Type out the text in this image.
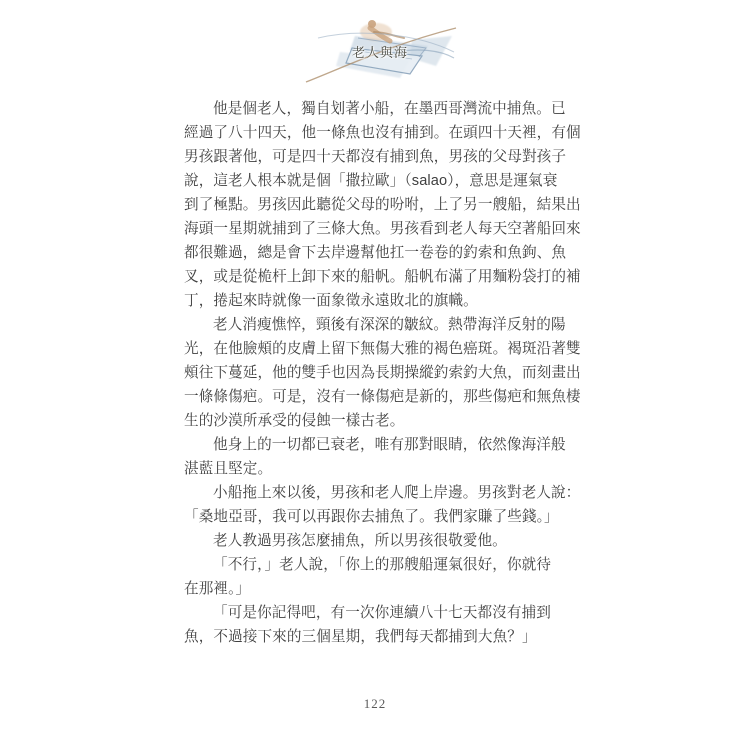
老人與海
他是個老人，獨自划著小船，在墨西哥灣流中捕魚。已
經過了八十四天，他一條魚也沒有捕到。在頭四十天裡，有個
男孩跟著他，可是四十天都沒有捕到魚，男孩的父母對孩子
說，這老人根本就是個「撒拉歐」（salao），意思是運氣衰
到了極點。男孩因此聽從父母的吩咐，上了另一艘船，結果出
海頭一星期就捕到了三條大魚。男孩看到老人每天空著船回來
都很難過，總是會下去岸邊幫他扛一卷卷的釣索和魚鉤、魚
叉，或是從桅杆上卸下來的船帆。船帆布滿了用麵粉袋打的補
丁，捲起來時就像一面象徵永遠敗北的旗幟。
老人消瘦憔悴，頸後有深深的皺紋。熱帶海洋反射的陽
光，在他臉頰的皮膚上留下無傷大雅的褐色癌斑。褐斑沿著雙
頰往下蔓延，他的雙手也因為長期操縱釣索釣大魚，而刻畫出
一條條傷疤。可是，沒有一條傷疤是新的，那些傷疤和無魚棲
生的沙漠所承受的侵蝕一樣古老。
他身上的一切都已衰老，唯有那對眼睛，依然像海洋般
湛藍且堅定。
小船拖上來以後，男孩和老人爬上岸邊。男孩對老人說：
「桑地亞哥，我可以再跟你去捕魚了。我們家賺了些錢。」
老人教過男孩怎麼捕魚，所以男孩很敬愛他。
「不行，」老人說，「你上的那艘船運氣很好，你就待
在那裡。」
「可是你記得吧，有一次你連續八十七天都沒有捕到
魚，不過接下來的三個星期，我們每天都捕到大魚？」
122
